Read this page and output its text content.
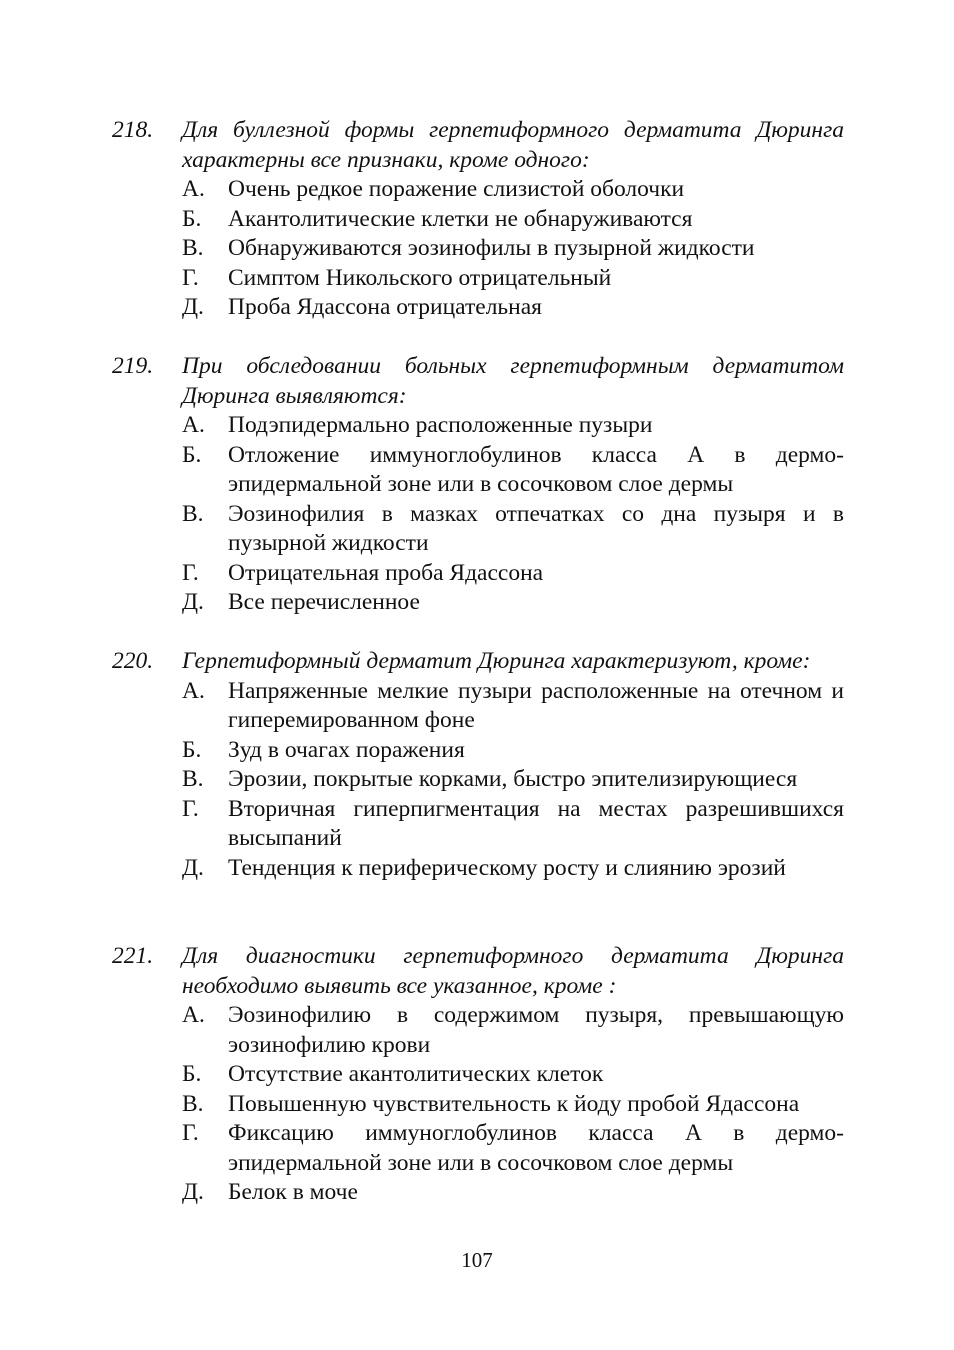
218.	Для буллезной формы герпетиформного дерматита Дюринга характерны все признаки, кроме одного:
А. Очень редкое поражение слизистой оболочки
Б.	Акантолитические клетки не обнаруживаются
В.	Обнаруживаются эозинофилы в пузырной жидкости
Г.	Симптом Никольского отрицательный
Д.	Проба Ядассона отрицательная
219.	При обследовании больных герпетиформным дерматитом Дюринга выявляются:
А. Подэпидермально расположенные пузыри
Б.	Отложение иммуноглобулинов класса А в дермо-эпидермальной зоне или в сосочковом слое дермы
В.	Эозинофилия в мазках отпечатках со дна пузыря и в пузырной жидкости
Г.	Отрицательная проба Ядассона
Д.	Все перечисленное
220.	Герпетиформный дерматит Дюринга характеризуют, кроме:
А. Напряженные мелкие пузыри расположенные на отечном и гиперемированном фоне
Б.	Зуд в очагах поражения
В.	Эрозии, покрытые корками, быстро эпителизирующиеся
Г.	Вторичная гиперпигментация на местах разрешившихся высыпаний
Д.	Тенденция к периферическому росту и слиянию эрозий
221.	Для диагностики герпетиформного дерматита Дюринга необходимо выявить все указанное, кроме :
А. Эозинофилию в содержимом пузыря, превышающую эозинофилию крови
Б.	Отсутствие акантолитических клеток
В.	Повышенную чувствительность к йоду пробой Ядассона
Г.	Фиксацию иммуноглобулинов класса А в дермо-эпидермальной зоне или в сосочковом слое дермы
Д.	Белок в моче
107
